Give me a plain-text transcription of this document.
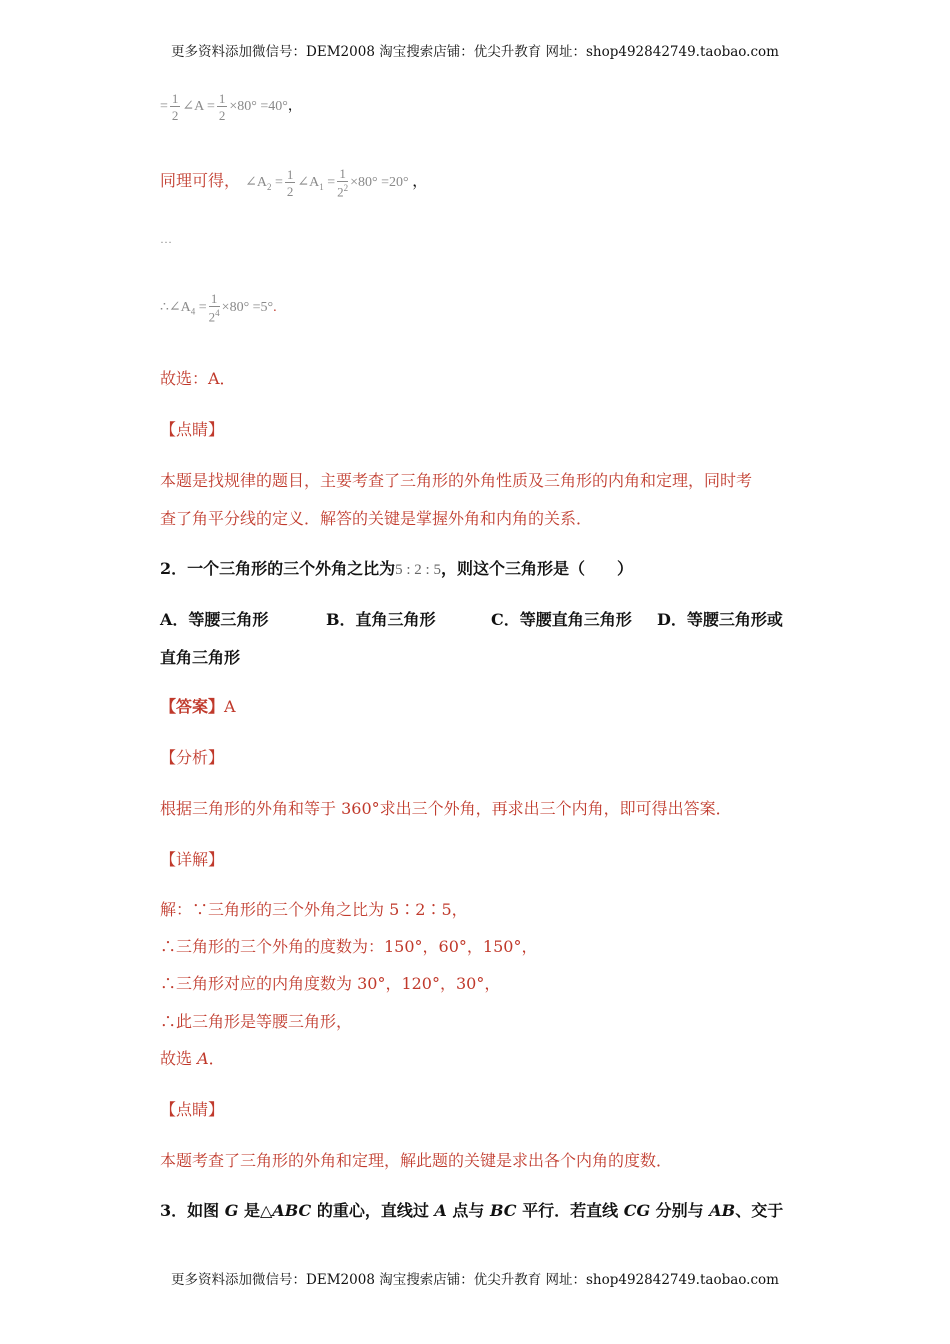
更多资料添加微信号：DEM2008 淘宝搜索店铺：优尖升教育 网址：shop492842749.taobao.com
= $\frac{1}{2}$ ∠A = $\frac{1}{2} \times 80^\circ =40^\circ$，
同理可得， $\angle A_2 = \frac{1}{2}$ $\angle A_1 = \frac{1}{2^2} \times 80^\circ =20^\circ$ ，
…
$\therefore\angle A_4 = \frac{1}{2^4} \times 80^\circ =5^\circ$.
故选：A．
【点睛】
本题是找规律的题目，主要考查了三角形的外角性质及三角形的内角和定理，同时考
查了角平分线的定义．解答的关键是掌握外角和内角的关系．
2．一个三角形的三个外角之比为5 : 2 : 5，则这个三角形是（　　）
A．等腰三角形	B．直角三角形	C．等腰直角三角形 D．等腰三角形或
直角三角形
【答案】A
【分析】
根据三角形的外角和等于 360°求出三个外角，再求出三个内角，即可得出答案．
【详解】
解：∵三角形的三个外角之比为 5∶2∶5，
∴三角形的三个外角的度数为：150°，60°，150°，
∴三角形对应的内角度数为 30°，120°，30°，
∴此三角形是等腰三角形，
故选 A．
【点睛】
本题考查了三角形的外角和定理，解此题的关键是求出各个内角的度数．
3．如图 G 是△ABC 的重心，直线过 A 点与 BC 平行．若直线 CG 分别与 AB、交于
更多资料添加微信号：DEM2008 淘宝搜索店铺：优尖升教育 网址：shop492842749.taobao.com
